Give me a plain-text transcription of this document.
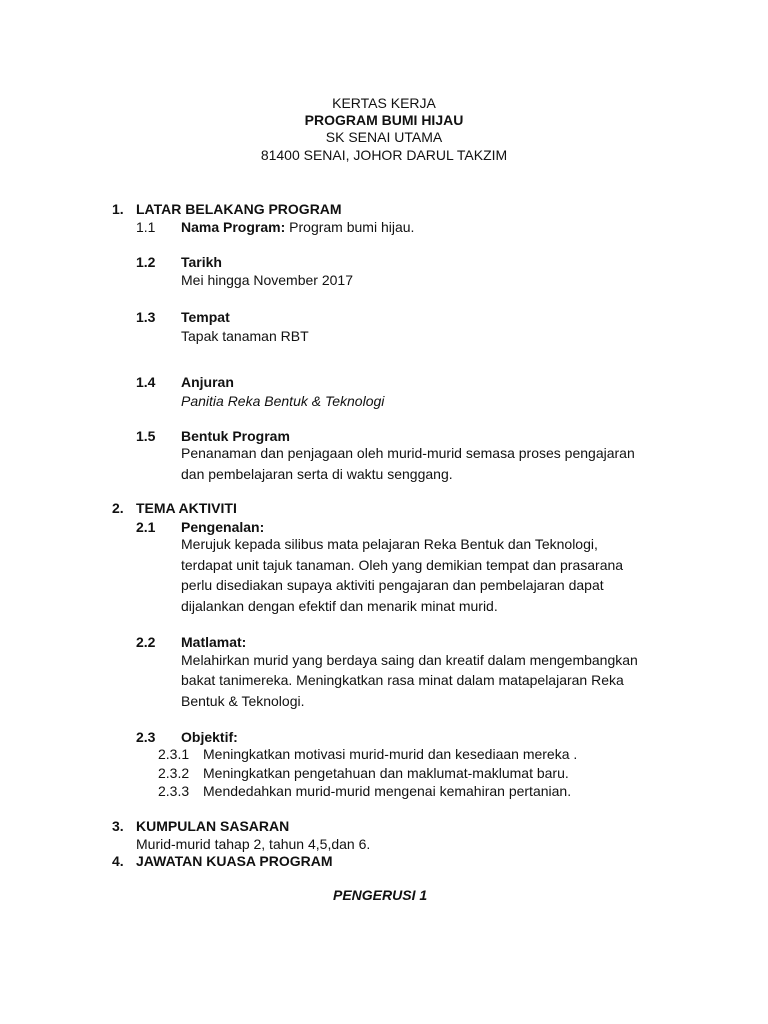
KERTAS KERJA
PROGRAM BUMI HIJAU
SK SENAI UTAMA
81400 SENAI, JOHOR DARUL TAKZIM
1. LATAR BELAKANG PROGRAM
1.1 Nama Program: Program bumi hijau.
1.2 Tarikh
Mei hingga November 2017
1.3 Tempat
Tapak tanaman RBT
1.4 Anjuran
Panitia Reka Bentuk & Teknologi
1.5 Bentuk Program
Penanaman dan penjagaan oleh murid-murid semasa proses pengajaran
dan pembelajaran serta di waktu senggang.
2. TEMA AKTIVITI
2.1 Pengenalan:
Merujuk kepada silibus mata pelajaran Reka Bentuk dan Teknologi,
terdapat unit tajuk tanaman. Oleh yang demikian tempat dan prasarana
perlu disediakan supaya aktiviti pengajaran dan pembelajaran dapat
dijalankan dengan efektif dan menarik minat murid.
2.2 Matlamat:
Melahirkan murid yang berdaya saing dan kreatif dalam mengembangkan
bakat tanimereka. Meningkatkan rasa minat dalam matapelajaran Reka
Bentuk & Teknologi.
2.3 Objektif:
2.3.1 Meningkatkan motivasi murid-murid dan kesediaan mereka .
2.3.2 Meningkatkan pengetahuan dan maklumat-maklumat baru.
2.3.3 Mendedahkan murid-murid mengenai kemahiran pertanian.
3. KUMPULAN SASARAN
Murid-murid tahap 2, tahun 4,5,dan 6.
4. JAWATAN KUASA PROGRAM
PENGERUSI 1
